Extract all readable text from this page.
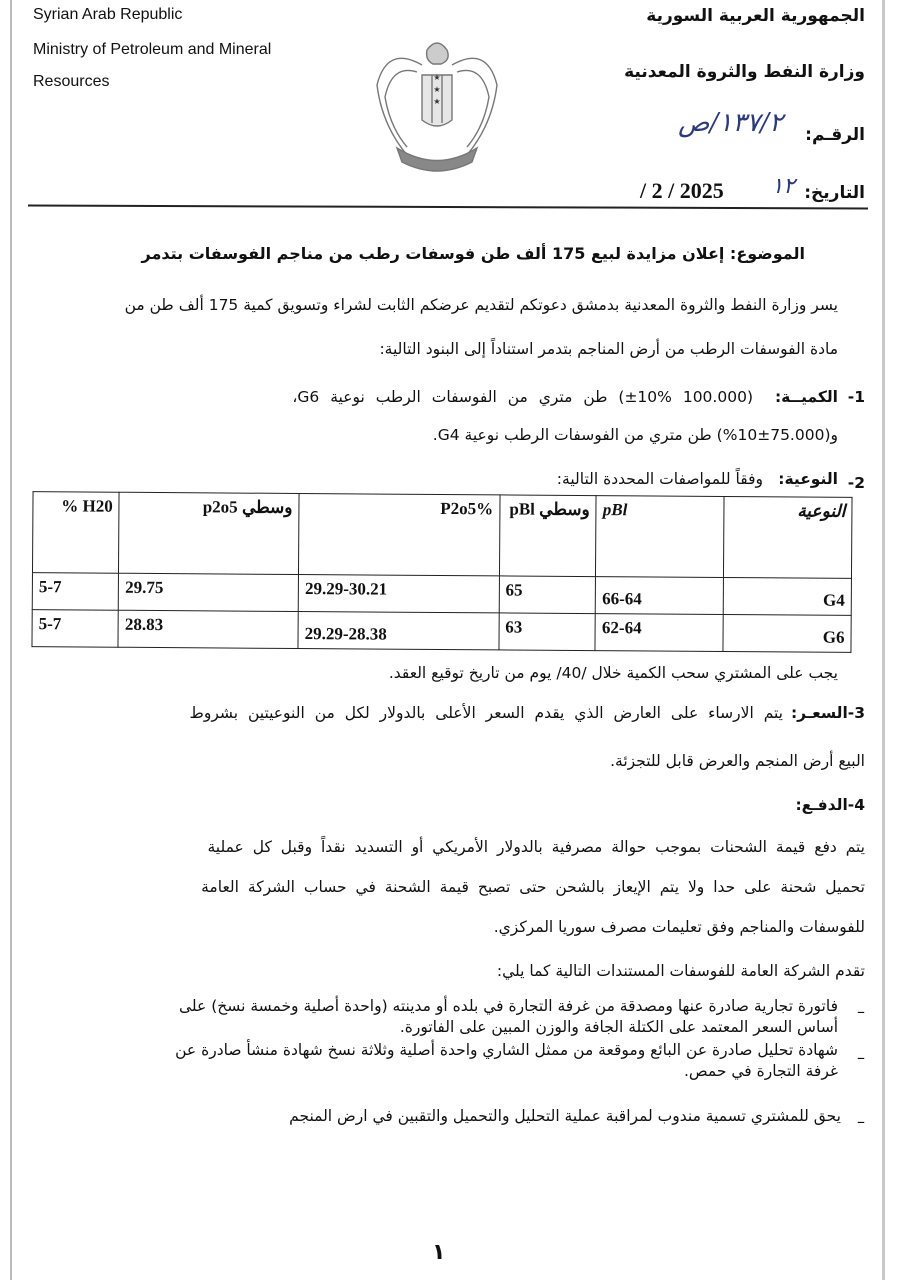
Syrian Arab Republic
Ministry of Petroleum and Mineral
Resources
الجمهورية العربية السورية
وزارة النفط والثروة المعدنية
الرقـم:
١٣٧/٢/ص
التاريخ:
١٢
/ 2 / 2025
★
★
★
الموضوع: إعلان مزايدة لبيع 175 ألف طن فوسفات رطب من مناجم الفوسفات بتدمر
يسر وزارة النفط والثروة المعدنية بدمشق دعوتكم لتقديم عرضكم الثابت لشراء وتسويق كمية 175 ألف طن من
مادة الفوسفات الرطب من أرض المناجم بتدمر استناداً إلى البنود التالية:
1-
الكميــة:
(100.000 ±10%) طن متري من الفوسفات الرطب نوعية G6،
و(75.000±10%) طن متري من الفوسفات الرطب نوعية G4.
2-
النوعية:
وفقاً للمواصفات المحددة التالية:
النوعية	pBl	وسطي pBl	P2o5%	وسطي p2o5	H20 %
G4	66-64	65	29.29-30.21	29.75	5-7
G6	62-64	63	29.29-28.38	28.83	5-7
يجب على المشتري سحب الكمية خلال /40/ يوم من تاريخ توقيع العقد.
3-السعـر:
يتم الارساء على العارض الذي يقدم السعر الأعلى بالدولار لكل من النوعيتين بشروط
البيع أرض المنجم والعرض قابل للتجزئة.
4-الدفـع:
يتم دفع قيمة الشحنات بموجب حوالة مصرفية بالدولار الأمريكي أو التسديد نقداً وقبل كل عملية
تحميل شحنة على حدا ولا يتم الإيعاز بالشحن حتى تصبح قيمة الشحنة في حساب الشركة العامة
للفوسفات والمناجم وفق تعليمات مصرف سوريا المركزي.
تقدم الشركة العامة للفوسفات المستندات التالية كما يلي:
–
فاتورة تجارية صادرة عنها ومصدقة من غرفة التجارة في بلده أو مدينته (واحدة أصلية وخمسة نسخ) على
أساس السعر المعتمد على الكتلة الجافة والوزن المبين على الفاتورة.
–
شهادة تحليل صادرة عن البائع وموقعة من ممثل الشاري واحدة أصلية وثلاثة نسخ شهادة منشأ صادرة عن
غرفة التجارة في حمص.
–
يحق للمشتري تسمية مندوب لمراقبة عملية التحليل والتحميل والتقبين في ارض المنجم
١
